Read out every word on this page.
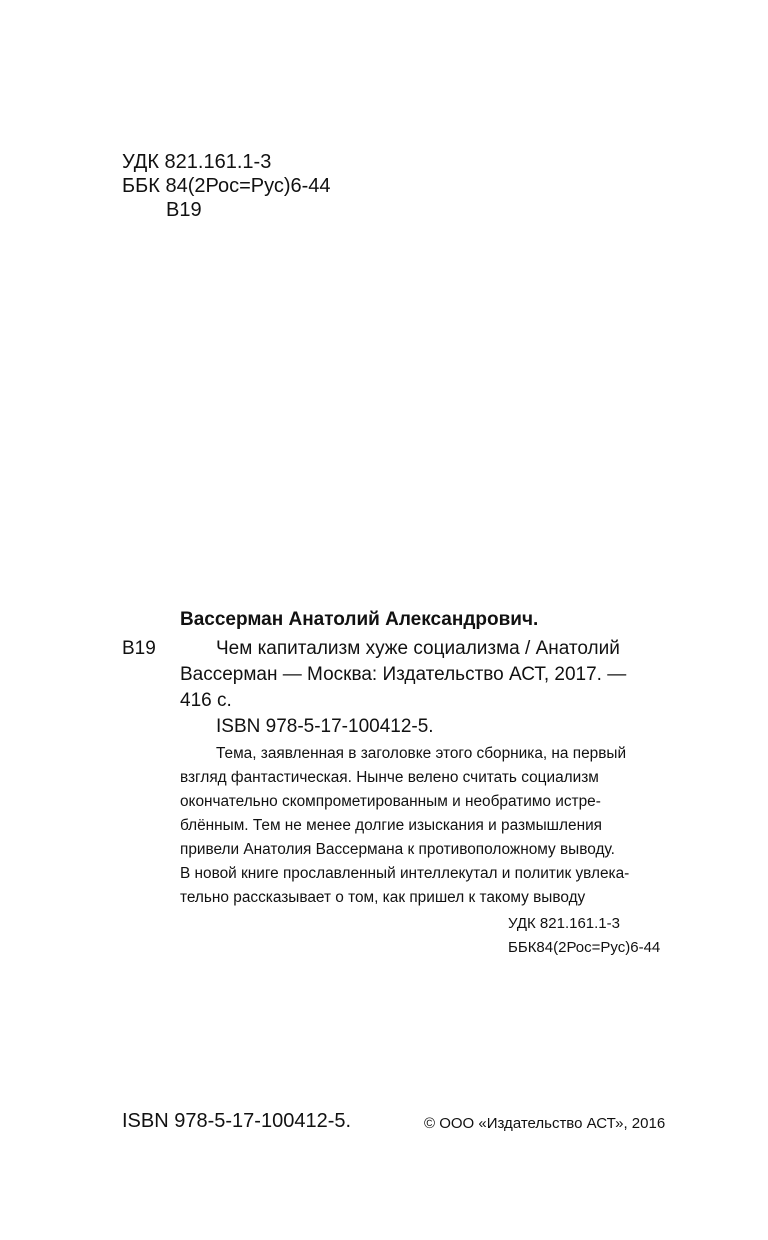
УДК 821.161.1-3
ББК 84(2Рос=Рус)6-44
В19
Вассерман Анатолий Александрович.
В19	Чем капитализм хуже социализма / Анатолий
Вассерман — Москва: Издательство АСТ, 2017. —
416 с.
ISBN 978-5-17-100412-5.
Тема, заявленная в заголовке этого сборника, на первый
взгляд фантастическая. Нынче велено считать социализм
окончательно скомпрометированным и необратимо истре-
блённым. Тем не менее долгие изыскания и размышления
привели Анатолия Вассермана к противоположному выводу.
В новой книге прославленный интеллекутал и политик увлека-
тельно рассказывает о том, как пришел к такому выводу
УДК 821.161.1-3
ББК84(2Рос=Рус)6-44
ISBN 978-5-17-100412-5.	© ООО «Издательство АСТ», 2016
